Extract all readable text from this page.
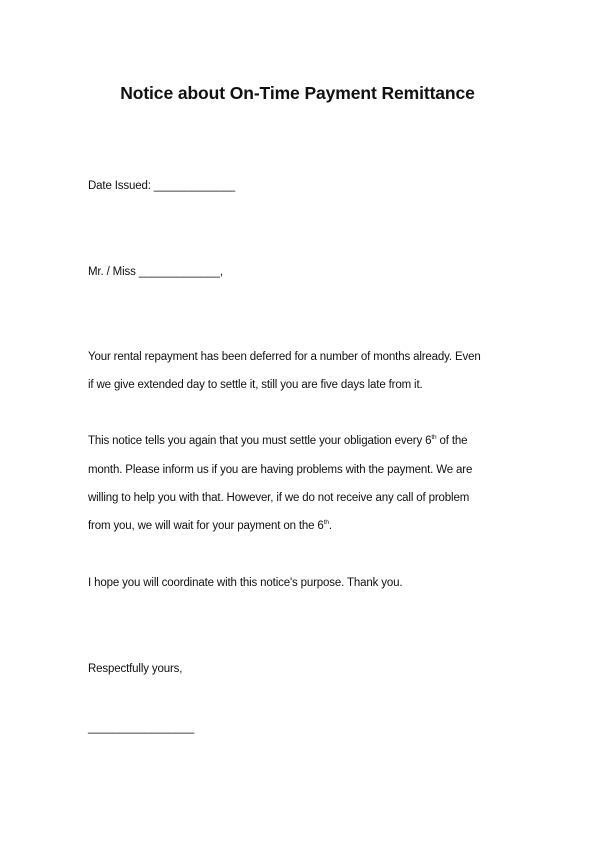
Notice about On-Time Payment Remittance
Date Issued: _____________
Mr. / Miss _____________,
Your rental repayment has been deferred for a number of months already. Even
if we give extended day to settle it, still you are five days late from it.
This notice tells you again that you must settle your obligation every 6th of the
month. Please inform us if you are having problems with the payment. We are
willing to help you with that. However, if we do not receive any call of problem
from you, we will wait for your payment on the 6th.
I hope you will coordinate with this notice's purpose. Thank you.
Respectfully yours,
_________________
